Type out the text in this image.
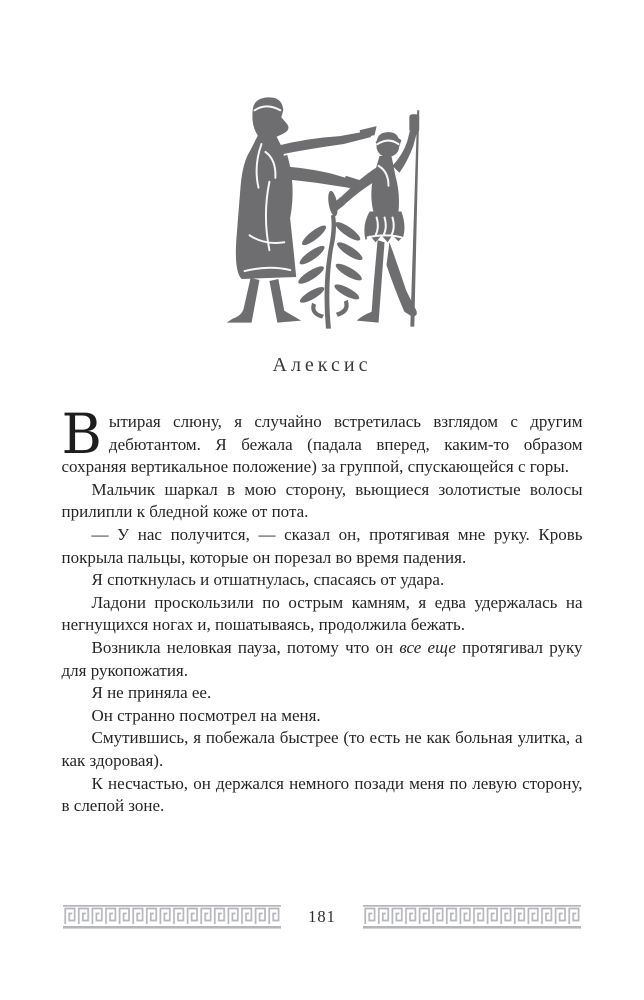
Алексис

Вытирая слюну, я случайно встретилась взглядом с другим дебютантом. Я бежала (падала вперед, каким-то образом сохраняя вертикальное положение) за группой, спускающейся с горы.

Мальчик шаркал в мою сторону, вьющиеся золотистые волосы прилипли к бледной коже от пота.

— У нас получится, — сказал он, протягивая мне руку. Кровь покрыла пальцы, которые он порезал во время падения.

Я споткнулась и отшатнулась, спасаясь от удара.

Ладони проскользили по острым камням, я едва удержалась на негнущихся ногах и, пошатываясь, продолжила бежать.

Возникла неловкая пауза, потому что он все еще протягивал руку для рукопожатия.

Я не приняла ее.

Он странно посмотрел на меня.

Смутившись, я побежала быстрее (то есть не как больная улитка, а как здоровая).

К несчастью, он держался немного позади меня по левую сторону, в слепой зоне.

181
